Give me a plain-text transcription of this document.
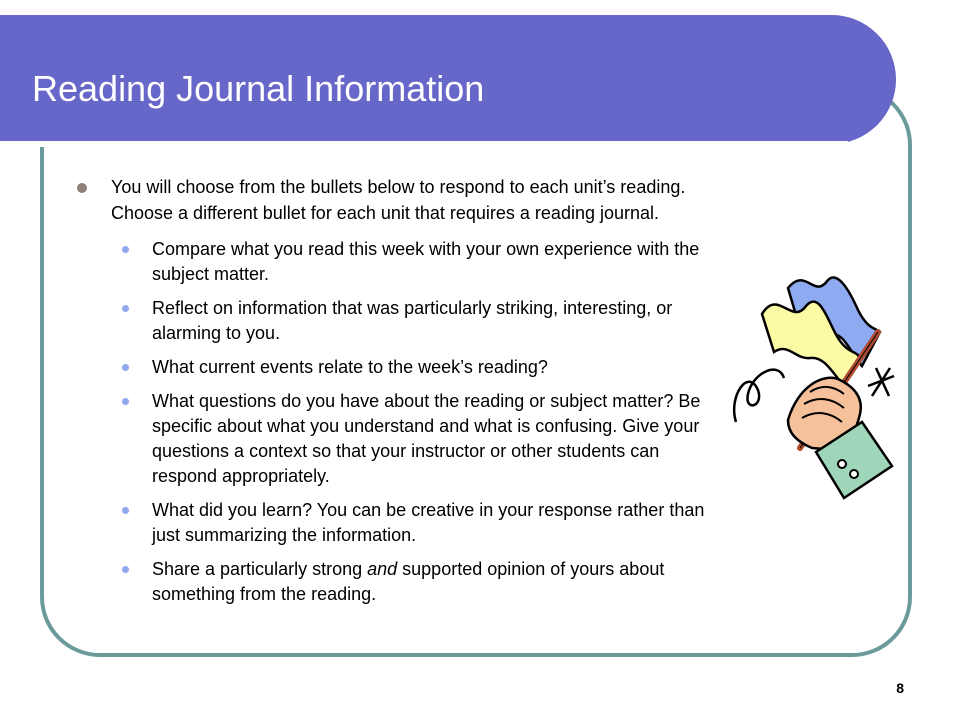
Reading Journal Information
You will choose from the bullets below to respond to each unit’s reading. Choose a different bullet for each unit that requires a reading journal.
Compare what you read this week with your own experience with the subject matter.
Reflect on information that was particularly striking, interesting, or alarming to you.
What current events relate to the week’s reading?
What questions do you have about the reading or subject matter? Be specific about what you understand and what is confusing. Give your questions a context so that your instructor or other students can respond appropriately.
What did you learn? You can be creative in your response rather than just summarizing the information.
Share a particularly strong and supported opinion of yours about something from the reading.
8
